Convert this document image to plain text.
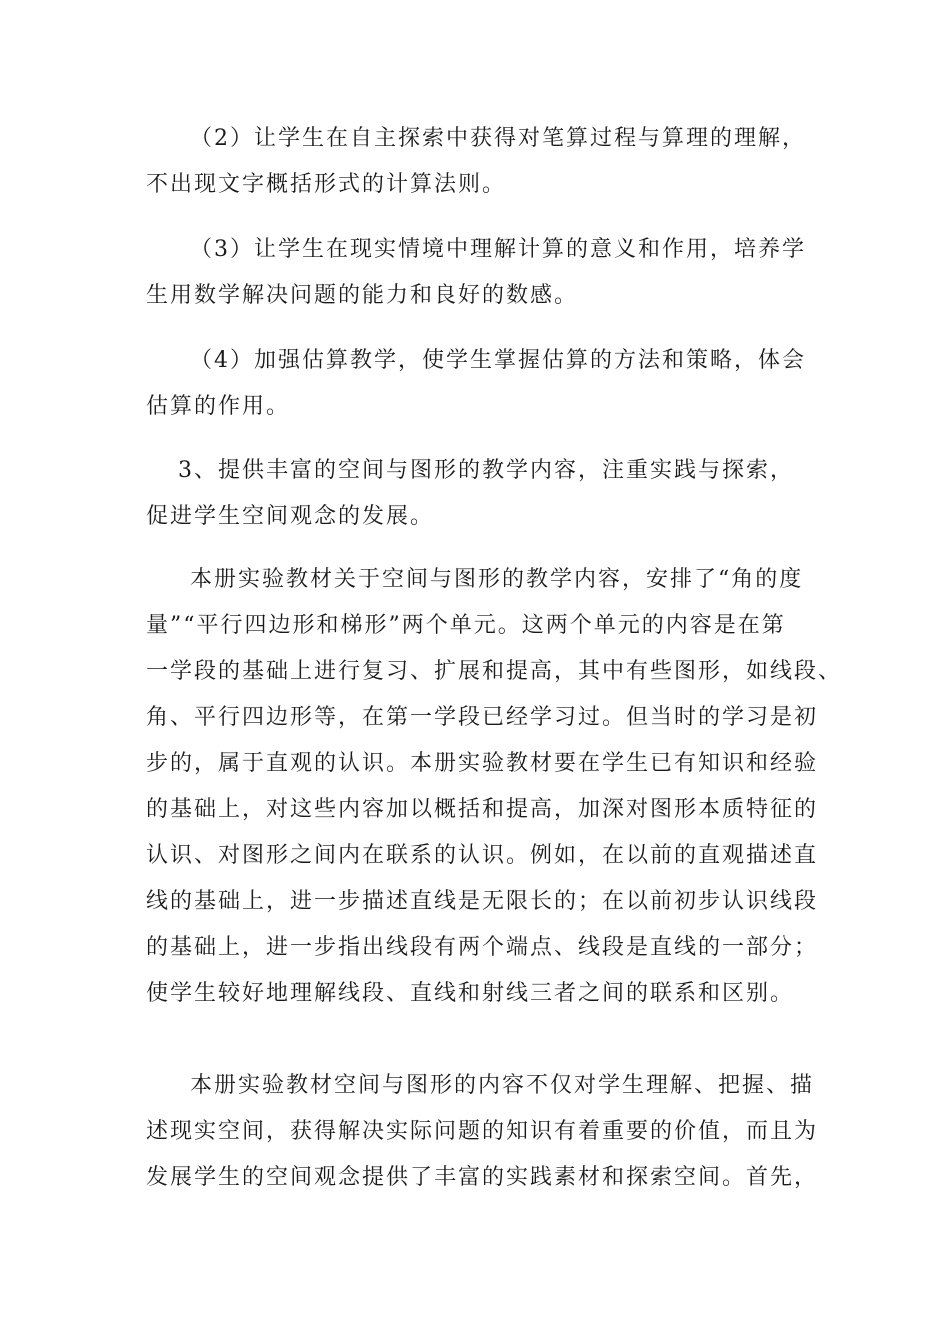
（2）让学生在自主探索中获得对笔算过程与算理的理解，
不出现文字概括形式的计算法则。

（3）让学生在现实情境中理解计算的意义和作用，培养学
生用数学解决问题的能力和良好的数感。

（4）加强估算教学，使学生掌握估算的方法和策略，体会
估算的作用。

3、提供丰富的空间与图形的教学内容，注重实践与探索，
促进学生空间观念的发展。

本册实验教材关于空间与图形的教学内容，安排了“角的度
量”“平行四边形和梯形”两个单元。这两个单元的内容是在第
一学段的基础上进行复习、扩展和提高，其中有些图形，如线段、
角、平行四边形等，在第一学段已经学习过。但当时的学习是初
步的，属于直观的认识。本册实验教材要在学生已有知识和经验
的基础上，对这些内容加以概括和提高，加深对图形本质特征的
认识、对图形之间内在联系的认识。例如，在以前的直观描述直
线的基础上，进一步描述直线是无限长的；在以前初步认识线段
的基础上，进一步指出线段有两个端点、线段是直线的一部分；
使学生较好地理解线段、直线和射线三者之间的联系和区别。

本册实验教材空间与图形的内容不仅对学生理解、把握、描
述现实空间，获得解决实际问题的知识有着重要的价值，而且为
发展学生的空间观念提供了丰富的实践素材和探索空间。首先，
